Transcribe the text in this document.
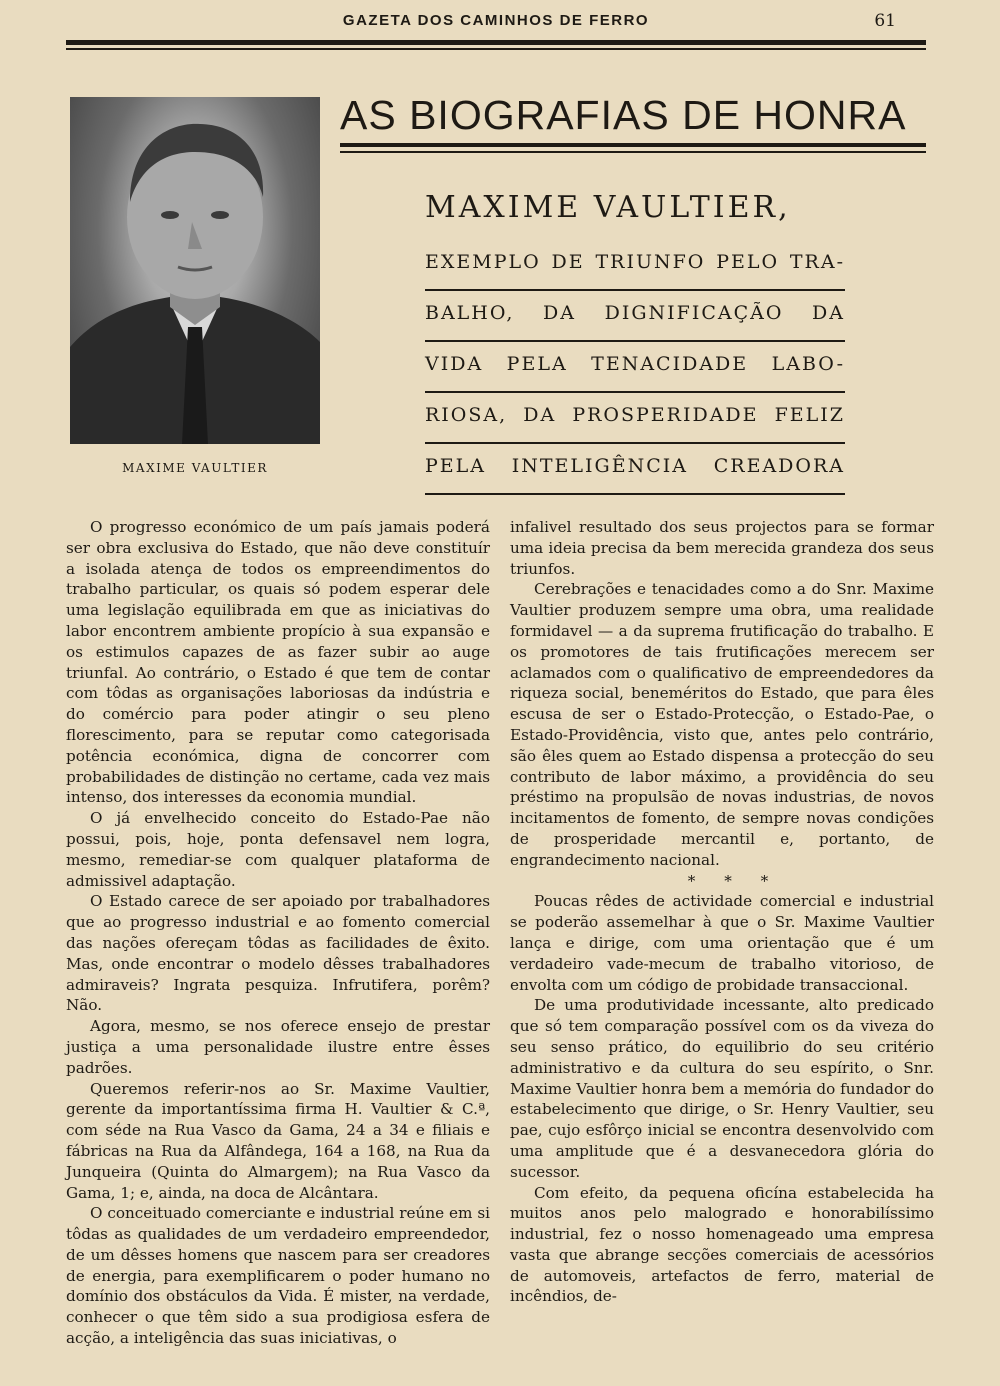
GAZETA DOS CAMINHOS DE FERRO	61
MAXIME VAULTIER
AS BIOGRAFIAS DE HONRA
MAXIME VAULTIER,
EXEMPLO DE TRIUNFO PELO TRA-
BALHO, DA DIGNIFICAÇÃO DA
VIDA PELA TENACIDADE LABO-
RIOSA, DA PROSPERIDADE FELIZ
PELA INTELIGÊNCIA CREADORA

O progresso económico de um país jamais poderá ser obra exclusiva do Estado, que não deve constituír a isolada atença de todos os empreendimentos do trabalho particular, os quais só podem esperar dele uma legislação equilibrada em que as iniciativas do labor encontrem ambiente propício à sua expansão e os estimulos capazes de as fazer subir ao auge triunfal. Ao contrário, o Estado é que tem de contar com tôdas as organisações laboriosas da indústria e do comércio para poder atingir o seu pleno florescimento, para se reputar como categorisada potência económica, digna de concorrer com probabilidades de distinção no certame, cada vez mais intenso, dos interesses da economia mundial.

O já envelhecido conceito do Estado-Pae não possui, pois, hoje, ponta defensavel nem logra, mesmo, remediar-se com qualquer plataforma de admissivel adaptação.

O Estado carece de ser apoiado por trabalhadores que ao progresso industrial e ao fomento comercial das nações ofereçam tôdas as facilidades de êxito. Mas, onde encontrar o modelo dêsses trabalhadores admiraveis? Ingrata pesquiza. Infrutifera, porêm? Não.

Agora, mesmo, se nos oferece ensejo de prestar justiça a uma personalidade ilustre entre êsses padrões.

Queremos referir-nos ao Sr. Maxime Vaultier, gerente da importantíssima firma H. Vaultier & C.ª, com séde na Rua Vasco da Gama, 24 a 34 e filiais e fábricas na Rua da Alfândega, 164 a 168, na Rua da Junqueira (Quinta do Almargem); na Rua Vasco da Gama, 1; e, ainda, na doca de Alcântara.

O conceituado comerciante e industrial reúne em si tôdas as qualidades de um verdadeiro empreendedor, de um dêsses homens que nascem para ser creadores de energia, para exemplificarem o poder humano no domínio dos obstáculos da Vida. É mister, na verdade, conhecer o que têm sido a sua prodigiosa esfera de acção, a inteligência das suas iniciativas, o

infalivel resultado dos seus projectos para se formar uma ideia precisa da bem merecida grandeza dos seus triunfos.

Cerebrações e tenacidades como a do Snr. Maxime Vaultier produzem sempre uma obra, uma realidade formidavel — a da suprema frutificação do trabalho. E os promotores de tais frutificações merecem ser aclamados com o qualificativo de empreendedores da riqueza social, beneméritos do Estado, que para êles escusa de ser o Estado-Protecção, o Estado-Pae, o Estado-Providência, visto que, antes pelo contrário, são êles quem ao Estado dispensa a protecção do seu contributo de labor máximo, a providência do seu préstimo na propulsão de novas industrias, de novos incitamentos de fomento, de sempre novas condições de prosperidade mercantil e, portanto, de engrandecimento nacional.

* * *

Poucas rêdes de actividade comercial e industrial se poderão assemelhar à que o Sr. Maxime Vaultier lança e dirige, com uma orientação que é um verdadeiro vade-mecum de trabalho vitorioso, de envolta com um código de probidade transaccional.

De uma produtividade incessante, alto predicado que só tem comparação possível com os da viveza do seu senso prático, do equilibrio do seu critério administrativo e da cultura do seu espírito, o Snr. Maxime Vaultier honra bem a memória do fundador do estabelecimento que dirige, o Sr. Henry Vaultier, seu pae, cujo esfôrço inicial se encontra desenvolvido com uma amplitude que é a desvanecedora glória do sucessor.

Com efeito, da pequena oficína estabelecida ha muitos anos pelo malogrado e honorabilíssimo industrial, fez o nosso homenageado uma empresa vasta que abrange secções comerciais de acessórios de automoveis, artefactos de ferro, material de incêndios, de-
